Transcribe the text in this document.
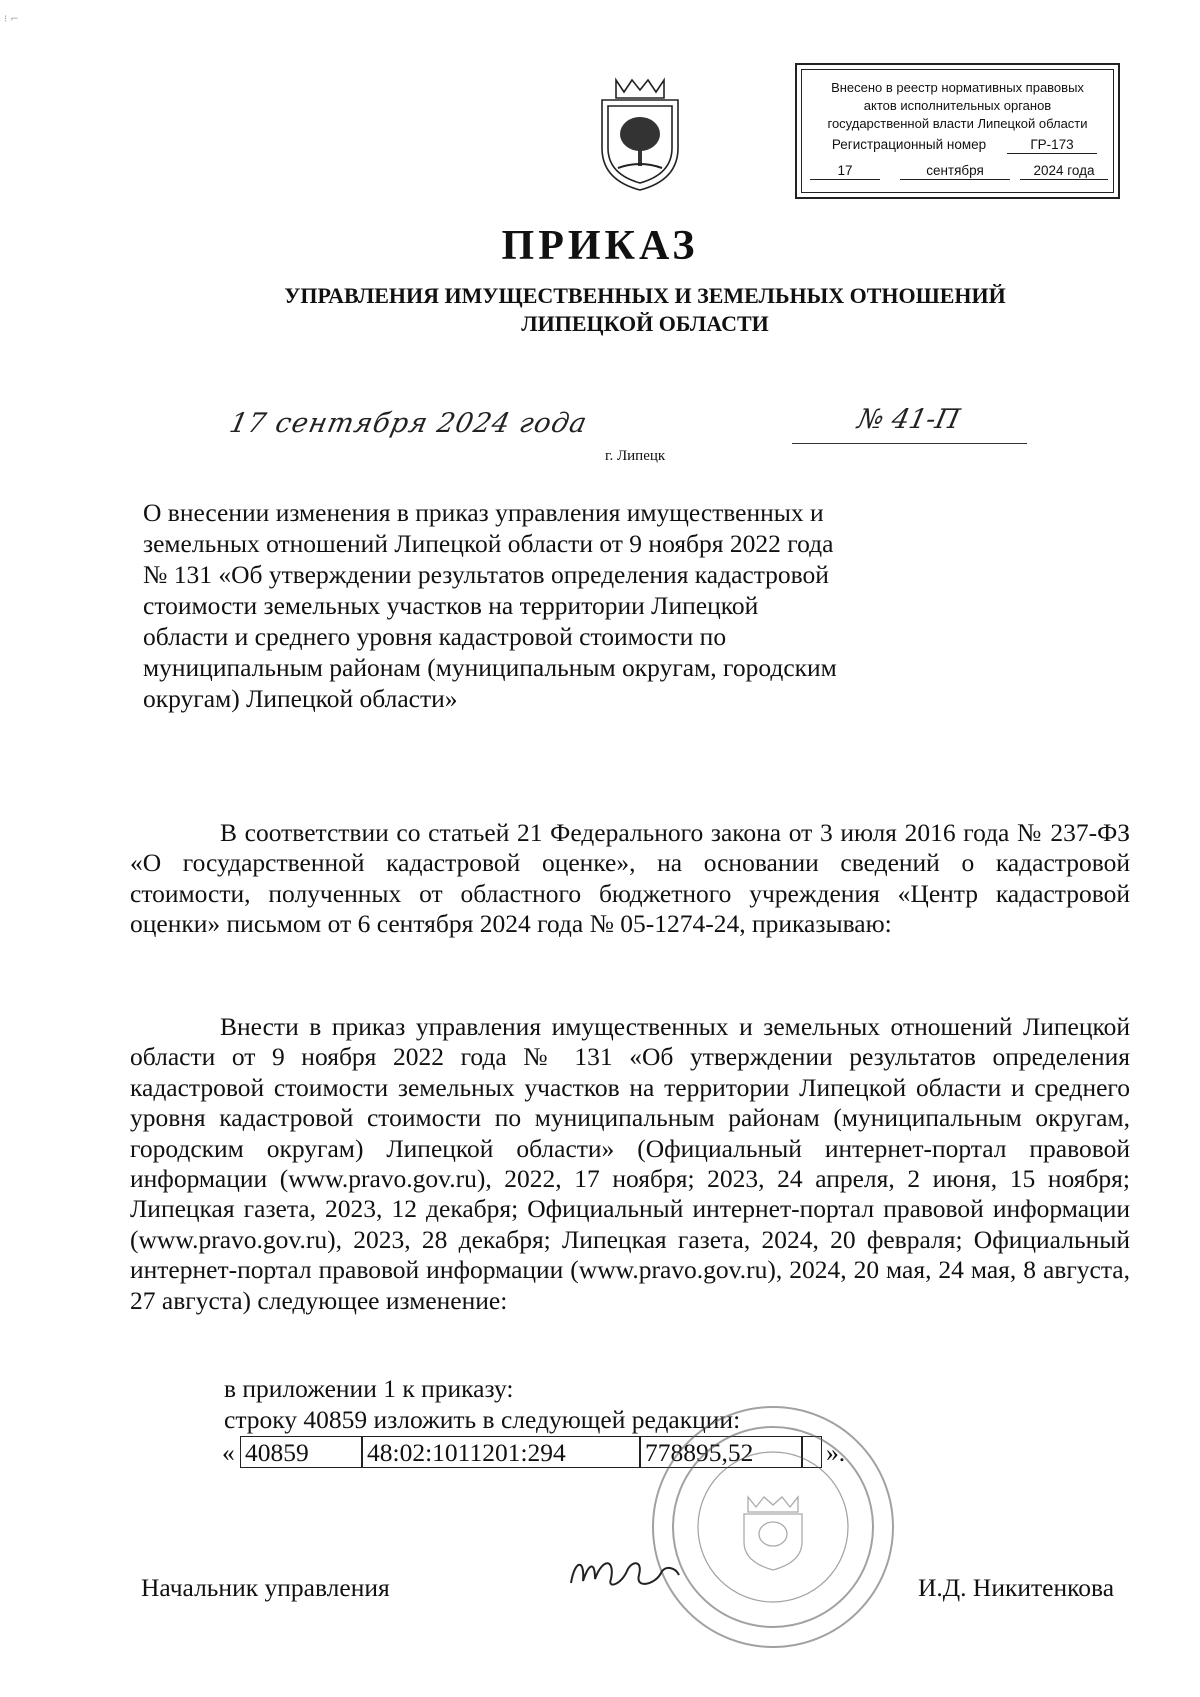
⁝ ⌐
Внесено в реестр нормативных правовых
актов исполнительных органов
государственной власти Липецкой области
Регистрационный номер	ГР-173
17	сентября	2024 года
ПРИКАЗ
УПРАВЛЕНИЯ ИМУЩЕСТВЕННЫХ И ЗЕМЕЛЬНЫХ ОТНОШЕНИЙ
ЛИПЕЦКОЙ ОБЛАСТИ
17 сентября 2024 года	№ 41-П
г. Липецк
О внесении изменения в приказ управления имущественных и земельных отношений Липецкой области от 9 ноября 2022 года № 131 «Об утверждении результатов определения кадастровой стоимости земельных участков на территории Липецкой области и среднего уровня кадастровой стоимости по муниципальным районам (муниципальным округам, городским округам) Липецкой области»
В соответствии со статьей 21 Федерального закона от 3 июля 2016 года № 237-ФЗ «О государственной кадастровой оценке», на основании сведений о кадастровой стоимости, полученных от областного бюджетного учреждения «Центр кадастровой оценки» письмом от 6 сентября 2024 года № 05-1274-24, приказываю:
Внести в приказ управления имущественных и земельных отношений Липецкой области от 9 ноября 2022 года № 131 «Об утверждении результатов определения кадастровой стоимости земельных участков на территории Липецкой области и среднего уровня кадастровой стоимости по муниципальным районам (муниципальным округам, городским округам) Липецкой области» (Официальный интернет-портал правовой информации (www.pravo.gov.ru), 2022, 17 ноября; 2023, 24 апреля, 2 июня, 15 ноября; Липецкая газета, 2023, 12 декабря; Официальный интернет-портал правовой информации (www.pravo.gov.ru), 2023, 28 декабря; Липецкая газета, 2024, 20 февраля; Официальный интернет-портал правовой информации (www.pravo.gov.ru), 2024, 20 мая, 24 мая, 8 августа, 27 августа) следующее изменение:
в приложении 1 к приказу:
строку 40859 изложить в следующей редакции:
« 40859	48:02:1011201:294	778895,52	».
Начальник управления	И.Д. Никитенкова
